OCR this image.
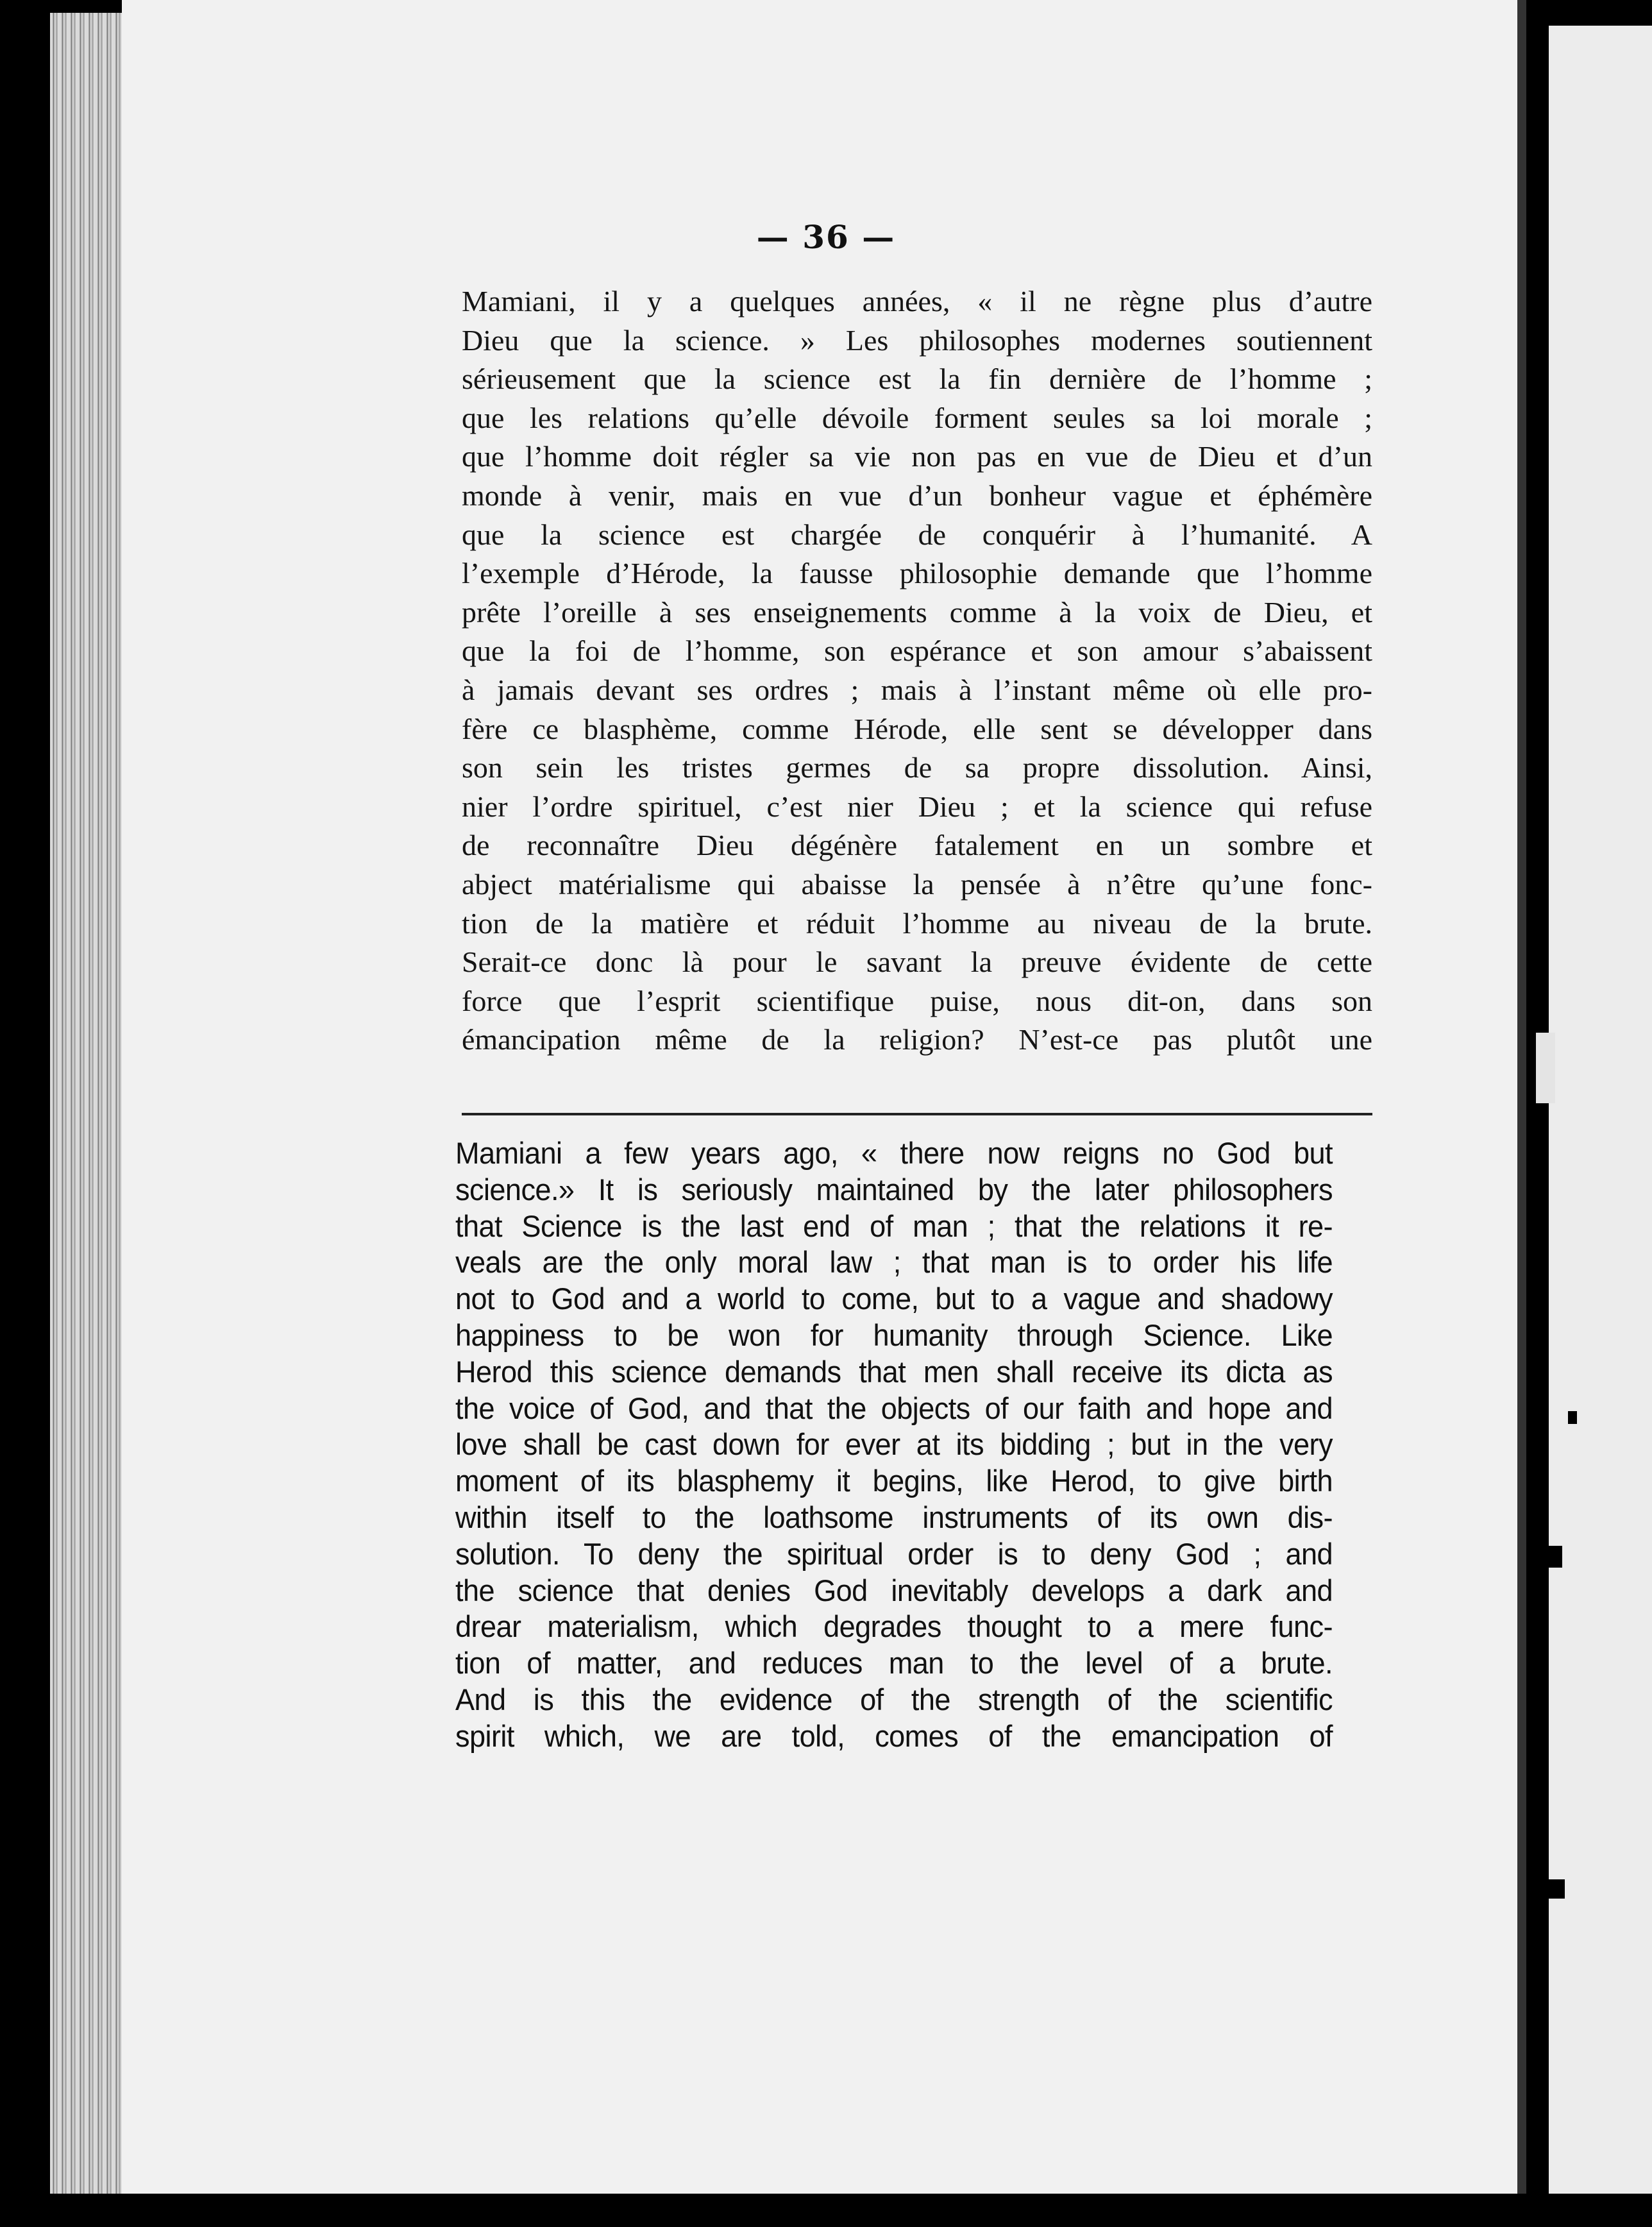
— 36 —
Mamiani, il y a quelques années, « il ne règne plus d’autre
Dieu que la science. » Les philosophes modernes soutiennent
sérieusement que la science est la fin dernière de l’homme ;
que les relations qu’elle dévoile forment seules sa loi morale ;
que l’homme doit régler sa vie non pas en vue de Dieu et d’un
monde à venir, mais en vue d’un bonheur vague et éphémère
que la science est chargée de conquérir à l’humanité. A
l’exemple d’Hérode, la fausse philosophie demande que l’homme
prête l’oreille à ses enseignements comme à la voix de Dieu, et
que la foi de l’homme, son espérance et son amour s’abaissent
à jamais devant ses ordres ; mais à l’instant même où elle pro-
fère ce blasphème, comme Hérode, elle sent se développer dans
son sein les tristes germes de sa propre dissolution. Ainsi,
nier l’ordre spirituel, c’est nier Dieu ; et la science qui refuse
de reconnaître Dieu dégénère fatalement en un sombre et
abject matérialisme qui abaisse la pensée à n’être qu’une fonc-
tion de la matière et réduit l’homme au niveau de la brute.
Serait-ce donc là pour le savant la preuve évidente de cette
force que l’esprit scientifique puise, nous dit-on, dans son
émancipation même de la religion? N’est-ce pas plutôt une
Mamiani a few years ago, « there now reigns no God but
science.» It is seriously maintained by the later philosophers
that Science is the last end of man ; that the relations it re-
veals are the only moral law ; that man is to order his life
not to God and a world to come, but to a vague and shadowy
happiness to be won for humanity through Science. Like
Herod this science demands that men shall receive its dicta as
the voice of God, and that the objects of our faith and hope and
love shall be cast down for ever at its bidding ; but in the very
moment of its blasphemy it begins, like Herod, to give birth
within itself to the loathsome instruments of its own dis-
solution. To deny the spiritual order is to deny God ; and
the science that denies God inevitably develops a dark and
drear materialism, which degrades thought to a mere func-
tion of matter, and reduces man to the level of a brute.
And is this the evidence of the strength of the scientific
spirit which, we are told, comes of the emancipation of
